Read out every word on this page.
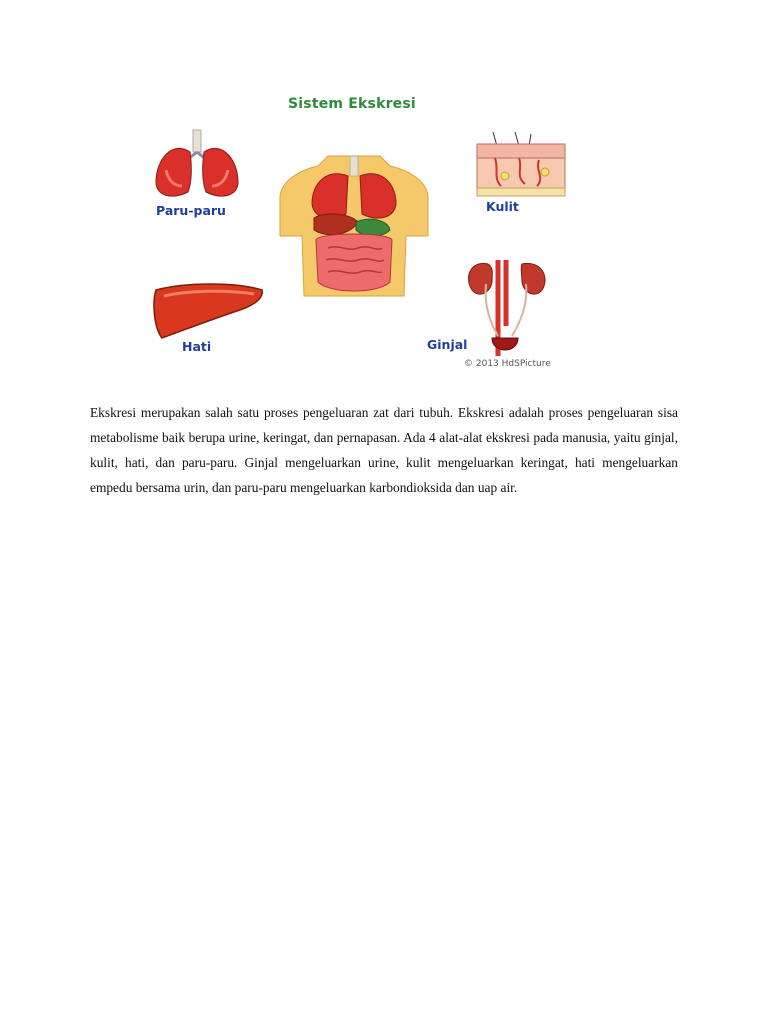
Sistem Ekskresi
Paru-paru	Kulit
Hati	Ginjal
© 2013 HdSPicture

Ekskresi merupakan salah satu proses pengeluaran zat dari tubuh. Ekskresi adalah proses pengeluaran sisa metabolisme baik berupa urine, keringat, dan pernapasan. Ada 4 alat-alat ekskresi pada manusia, yaitu ginjal, kulit, hati, dan paru-paru. Ginjal mengeluarkan urine, kulit mengeluarkan keringat, hati mengeluarkan empedu bersama urin, dan paru-paru mengeluarkan karbondioksida dan uap air.
